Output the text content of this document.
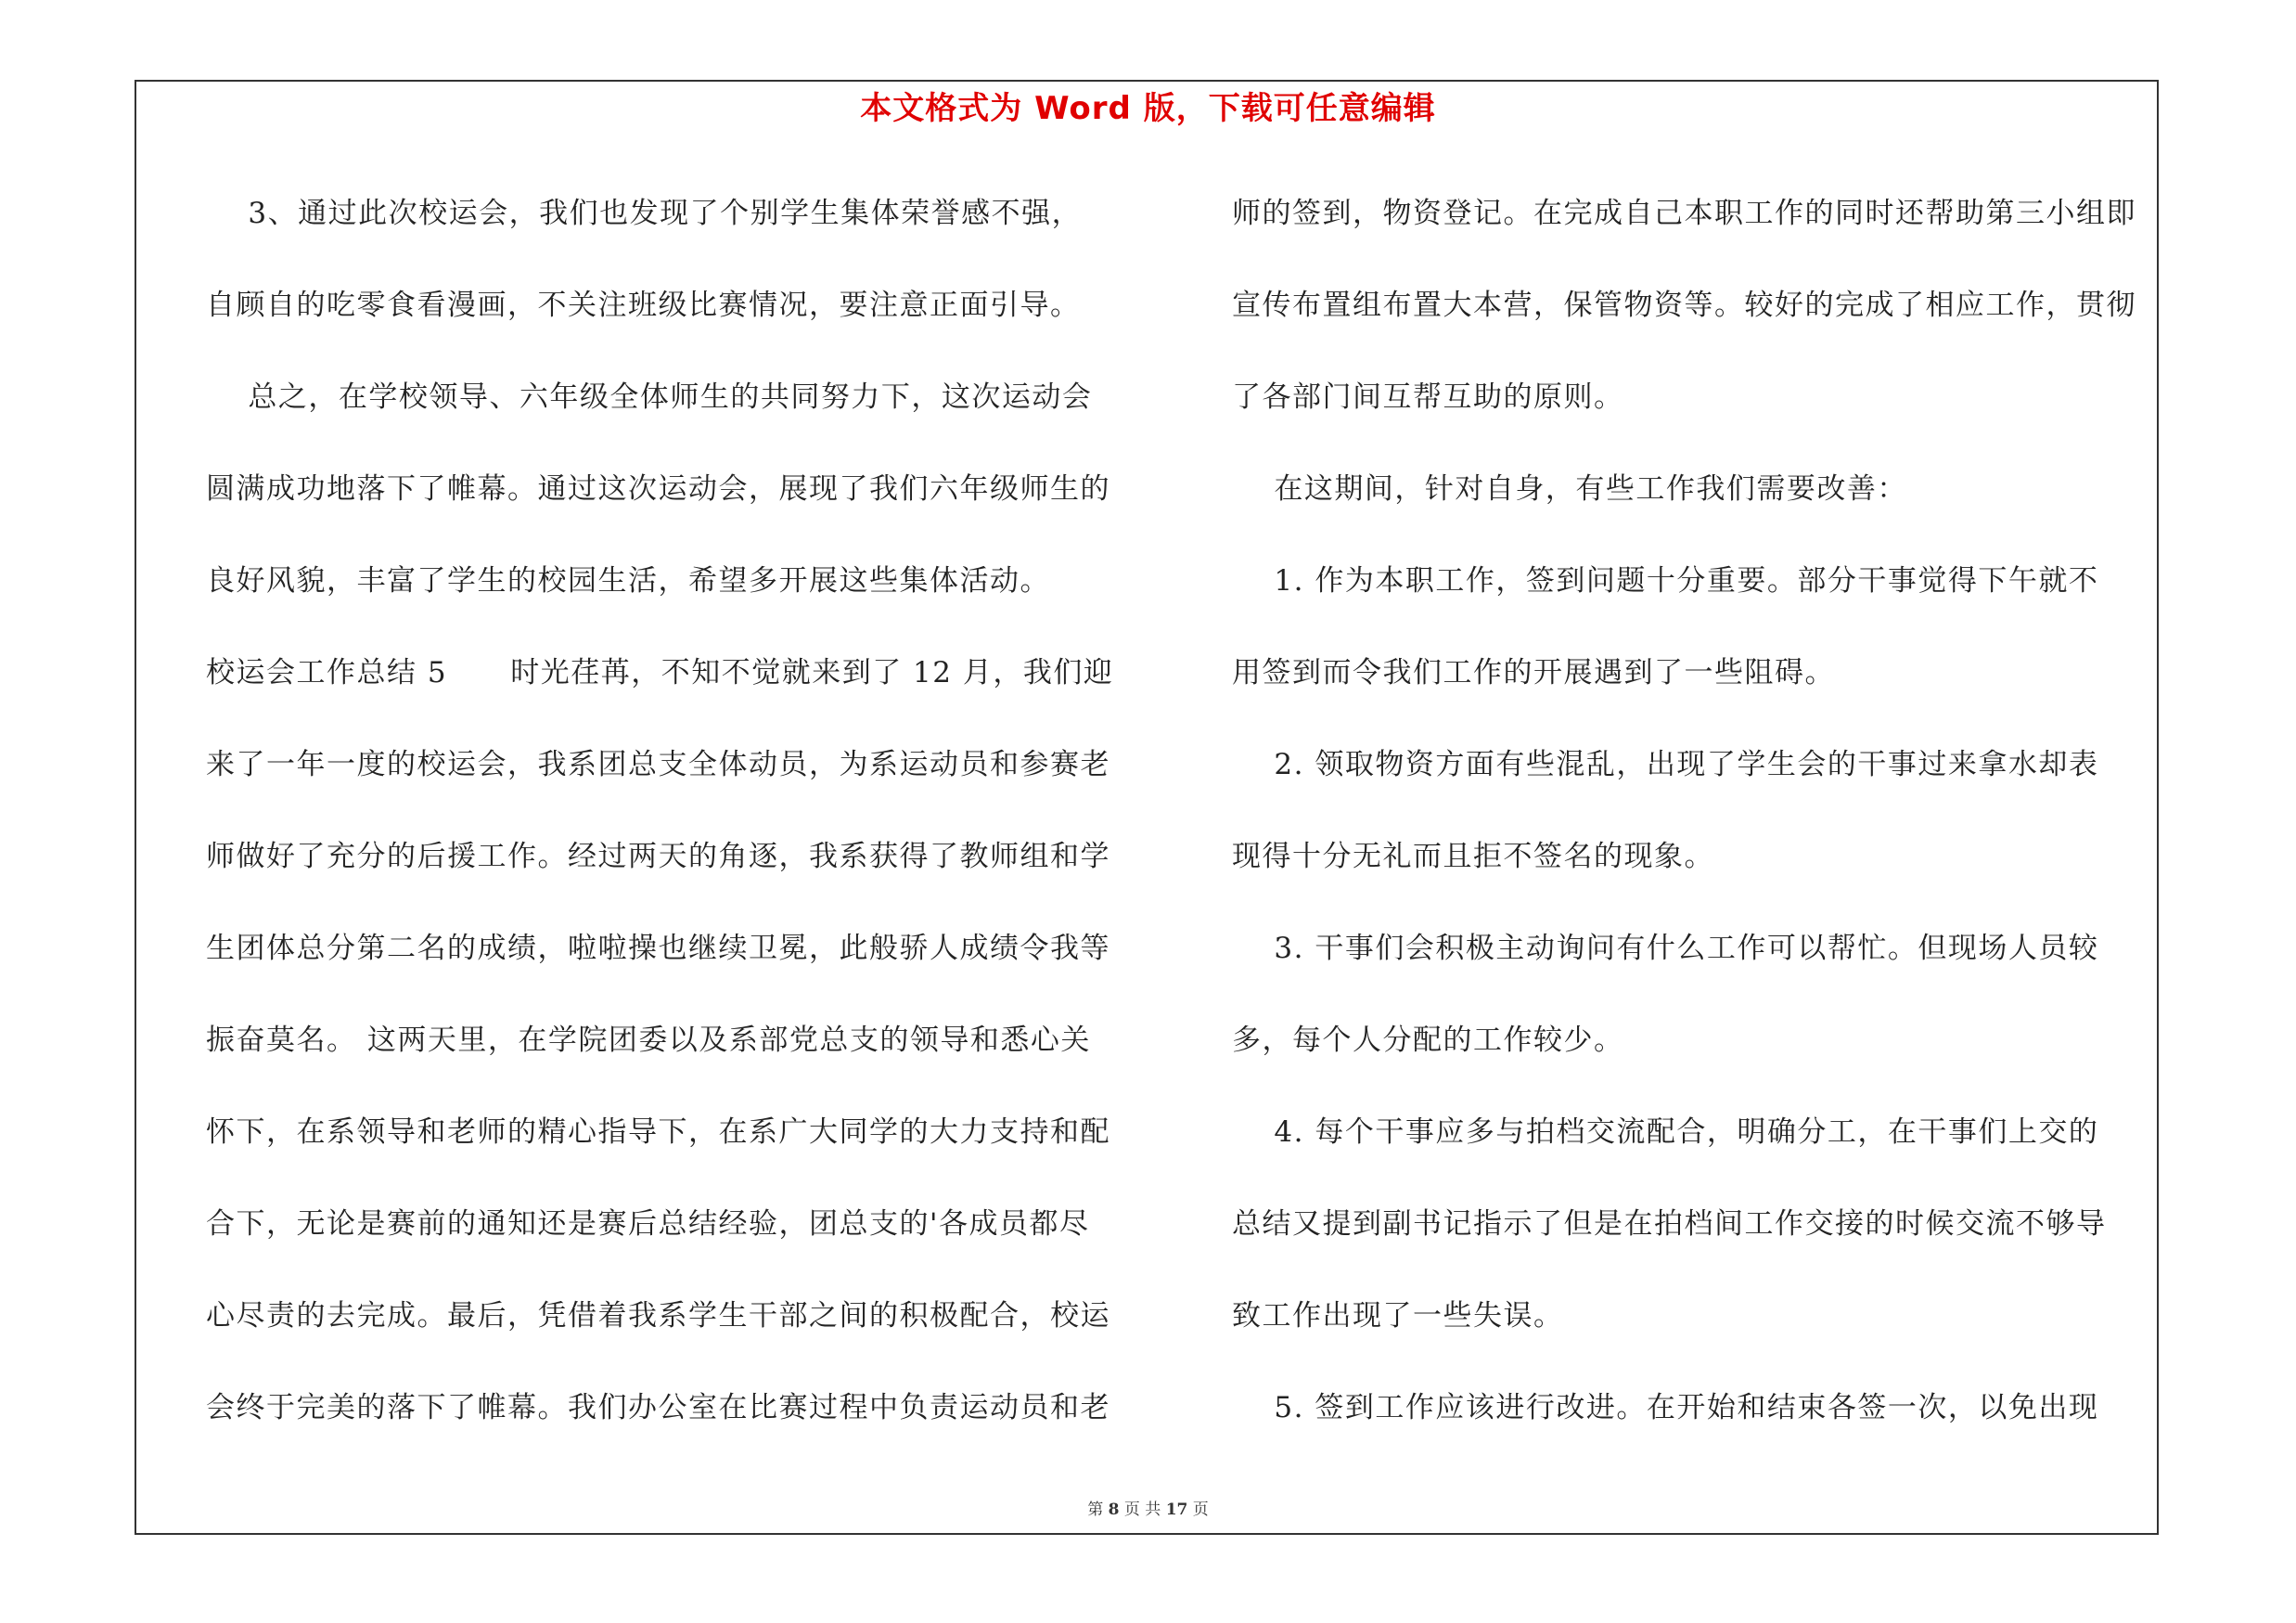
本文格式为 Word 版，下载可任意编辑
3、通过此次校运会，我们也发现了个别学生集体荣誉感不强，
自顾自的吃零食看漫画，不关注班级比赛情况，要注意正面引导。
总之，在学校领导、六年级全体师生的共同努力下，这次运动会
圆满成功地落下了帷幕。通过这次运动会，展现了我们六年级师生的
良好风貌，丰富了学生的校园生活，希望多开展这些集体活动。
校运会工作总结 5      时光荏苒，不知不觉就来到了 12 月，我们迎
来了一年一度的校运会，我系团总支全体动员，为系运动员和参赛老
师做好了充分的后援工作。经过两天的角逐，我系获得了教师组和学
生团体总分第二名的成绩，啦啦操也继续卫冕，此般骄人成绩令我等
振奋莫名。 这两天里，在学院团委以及系部党总支的领导和悉心关
怀下，在系领导和老师的精心指导下，在系广大同学的大力支持和配
合下，无论是赛前的通知还是赛后总结经验，团总支的'各成员都尽
心尽责的去完成。最后，凭借着我系学生干部之间的积极配合，校运
会终于完美的落下了帷幕。我们办公室在比赛过程中负责运动员和老
师的签到，物资登记。在完成自己本职工作的同时还帮助第三小组即
宣传布置组布置大本营，保管物资等。较好的完成了相应工作，贯彻
了各部门间互帮互助的原则。
在这期间，针对自身，有些工作我们需要改善：
1. 作为本职工作，签到问题十分重要。部分干事觉得下午就不
用签到而令我们工作的开展遇到了一些阻碍。
2. 领取物资方面有些混乱，出现了学生会的干事过来拿水却表
现得十分无礼而且拒不签名的现象。
3. 干事们会积极主动询问有什么工作可以帮忙。但现场人员较
多，每个人分配的工作较少。
4. 每个干事应多与拍档交流配合，明确分工，在干事们上交的
总结又提到副书记指示了但是在拍档间工作交接的时候交流不够导
致工作出现了一些失误。
5. 签到工作应该进行改进。在开始和结束各签一次，以免出现
第 8 页 共 17 页
